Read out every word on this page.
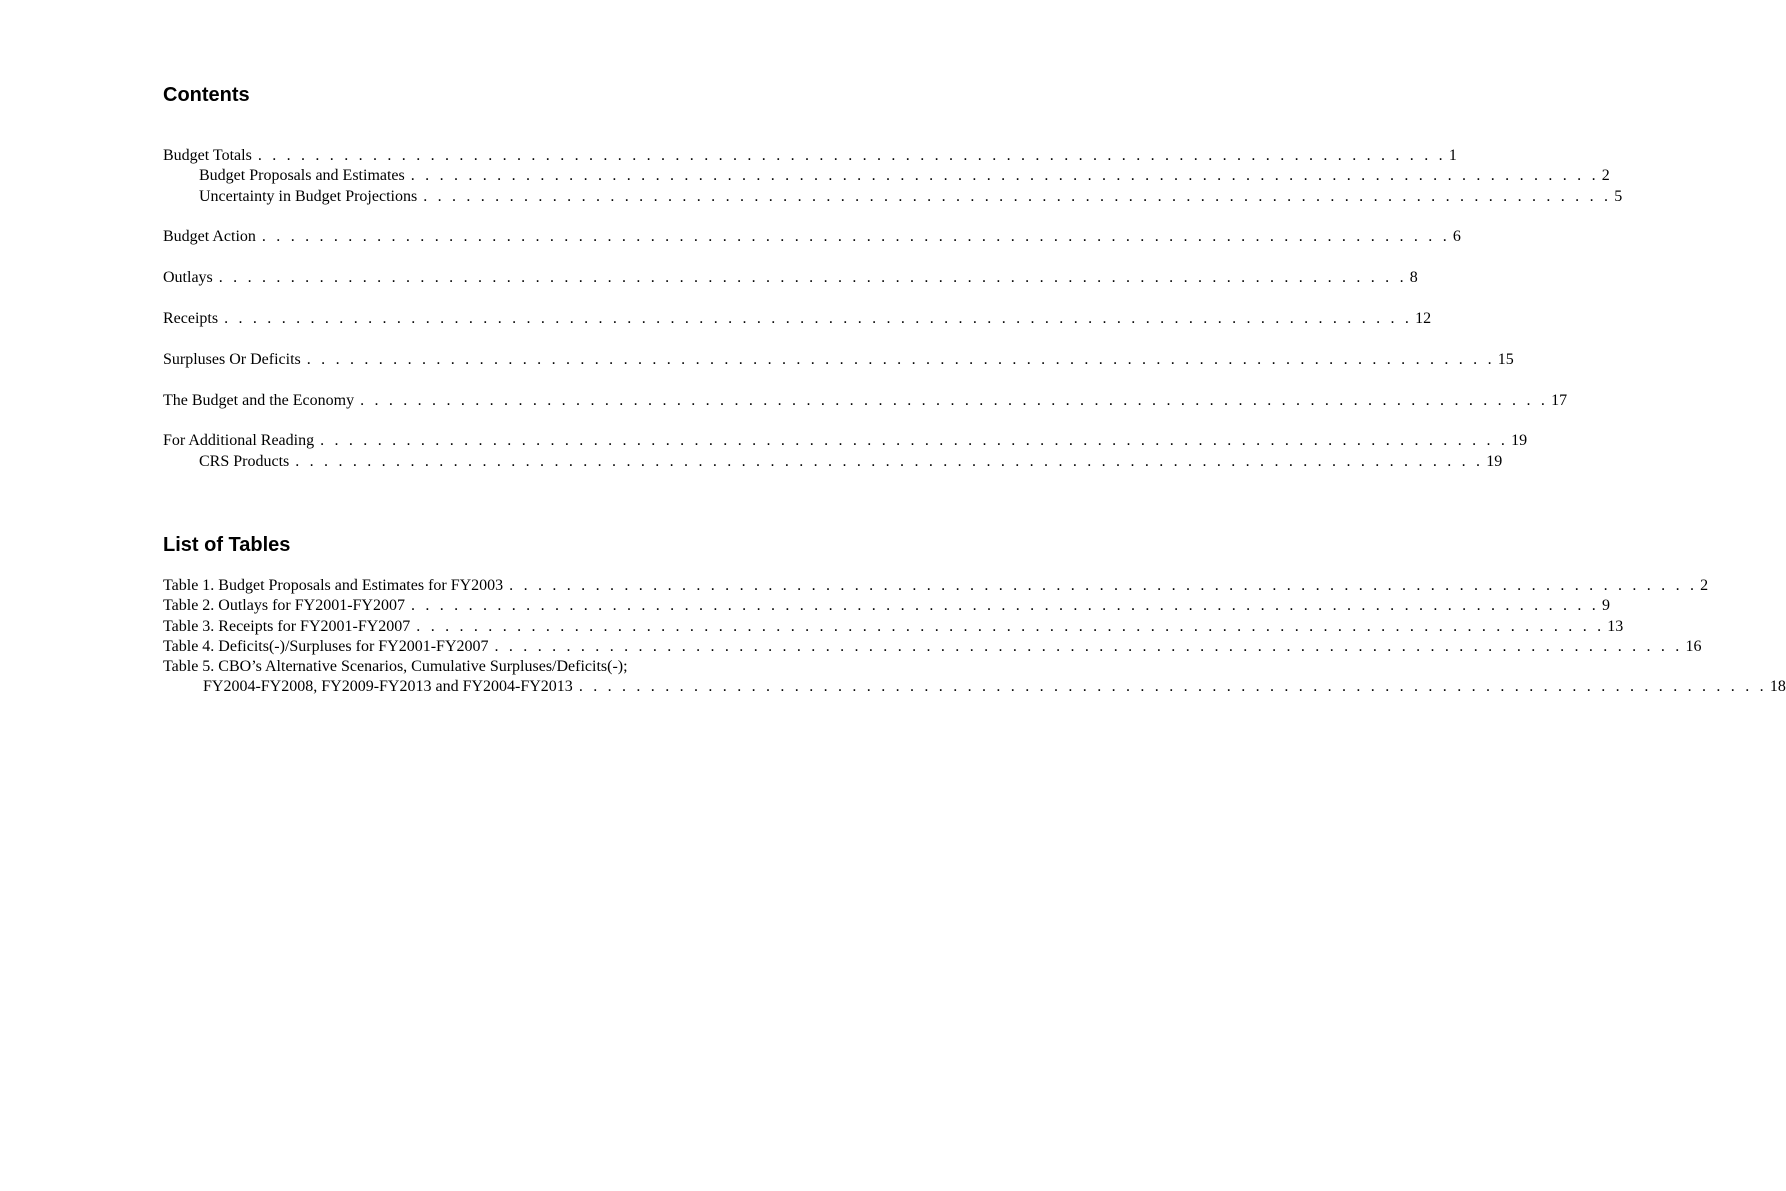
Contents
Budget Totals . . . . . . . . . . . . . . . . . . . . . . . . . . . . . . . . . . . . . . . . . . . . . . . . . . . . . . . . . . . . . . . . . . . . . . . . . . . . . . . . . . . 1
Budget Proposals and Estimates . . . . . . . . . . . . . . . . . . . . . . . . . . . . . . . . . . . . . . . . . . . . . . . . . . . . . . . . . . . . . . . . . . . . . . . . . . . . . . . . . . . 2
Uncertainty in Budget Projections . . . . . . . . . . . . . . . . . . . . . . . . . . . . . . . . . . . . . . . . . . . . . . . . . . . . . . . . . . . . . . . . . . . . . . . . . . . . . . . . . . . 5
Budget Action . . . . . . . . . . . . . . . . . . . . . . . . . . . . . . . . . . . . . . . . . . . . . . . . . . . . . . . . . . . . . . . . . . . . . . . . . . . . . . . . . . . 6
Outlays . . . . . . . . . . . . . . . . . . . . . . . . . . . . . . . . . . . . . . . . . . . . . . . . . . . . . . . . . . . . . . . . . . . . . . . . . . . . . . . . . . . 8
Receipts . . . . . . . . . . . . . . . . . . . . . . . . . . . . . . . . . . . . . . . . . . . . . . . . . . . . . . . . . . . . . . . . . . . . . . . . . . . . . . . . . . . 12
Surpluses Or Deficits . . . . . . . . . . . . . . . . . . . . . . . . . . . . . . . . . . . . . . . . . . . . . . . . . . . . . . . . . . . . . . . . . . . . . . . . . . . . . . . . . . . 15
The Budget and the Economy . . . . . . . . . . . . . . . . . . . . . . . . . . . . . . . . . . . . . . . . . . . . . . . . . . . . . . . . . . . . . . . . . . . . . . . . . . . . . . . . . . . 17
For Additional Reading . . . . . . . . . . . . . . . . . . . . . . . . . . . . . . . . . . . . . . . . . . . . . . . . . . . . . . . . . . . . . . . . . . . . . . . . . . . . . . . . . . . 19
CRS Products . . . . . . . . . . . . . . . . . . . . . . . . . . . . . . . . . . . . . . . . . . . . . . . . . . . . . . . . . . . . . . . . . . . . . . . . . . . . . . . . . . . 19
List of Tables
Table 1. Budget Proposals and Estimates for FY2003 . . . . . . . . . . . . . . . . . . . . . . . . . . . . . . . . . . . . . . . . . . . . . . . . . . . . . . . . . . . . . . . . . . . . . . . . . . . . . . . . . . . 2
Table 2. Outlays for FY2001-FY2007 . . . . . . . . . . . . . . . . . . . . . . . . . . . . . . . . . . . . . . . . . . . . . . . . . . . . . . . . . . . . . . . . . . . . . . . . . . . . . . . . . . . 9
Table 3. Receipts for FY2001-FY2007 . . . . . . . . . . . . . . . . . . . . . . . . . . . . . . . . . . . . . . . . . . . . . . . . . . . . . . . . . . . . . . . . . . . . . . . . . . . . . . . . . . . 13
Table 4. Deficits(-)/Surpluses for FY2001-FY2007 . . . . . . . . . . . . . . . . . . . . . . . . . . . . . . . . . . . . . . . . . . . . . . . . . . . . . . . . . . . . . . . . . . . . . . . . . . . . . . . . . . . 16
Table 5. CBO’s Alternative Scenarios, Cumulative Surpluses/Deficits(-);
FY2004-FY2008, FY2009-FY2013 and FY2004-FY2013 . . . . . . . . . . . . . . . . . . . . . . . . . . . . . . . . . . . . . . . . . . . . . . . . . . . . . . . . . . . . . . . . . . . . . . . . . . . . . . . . . . . 18
